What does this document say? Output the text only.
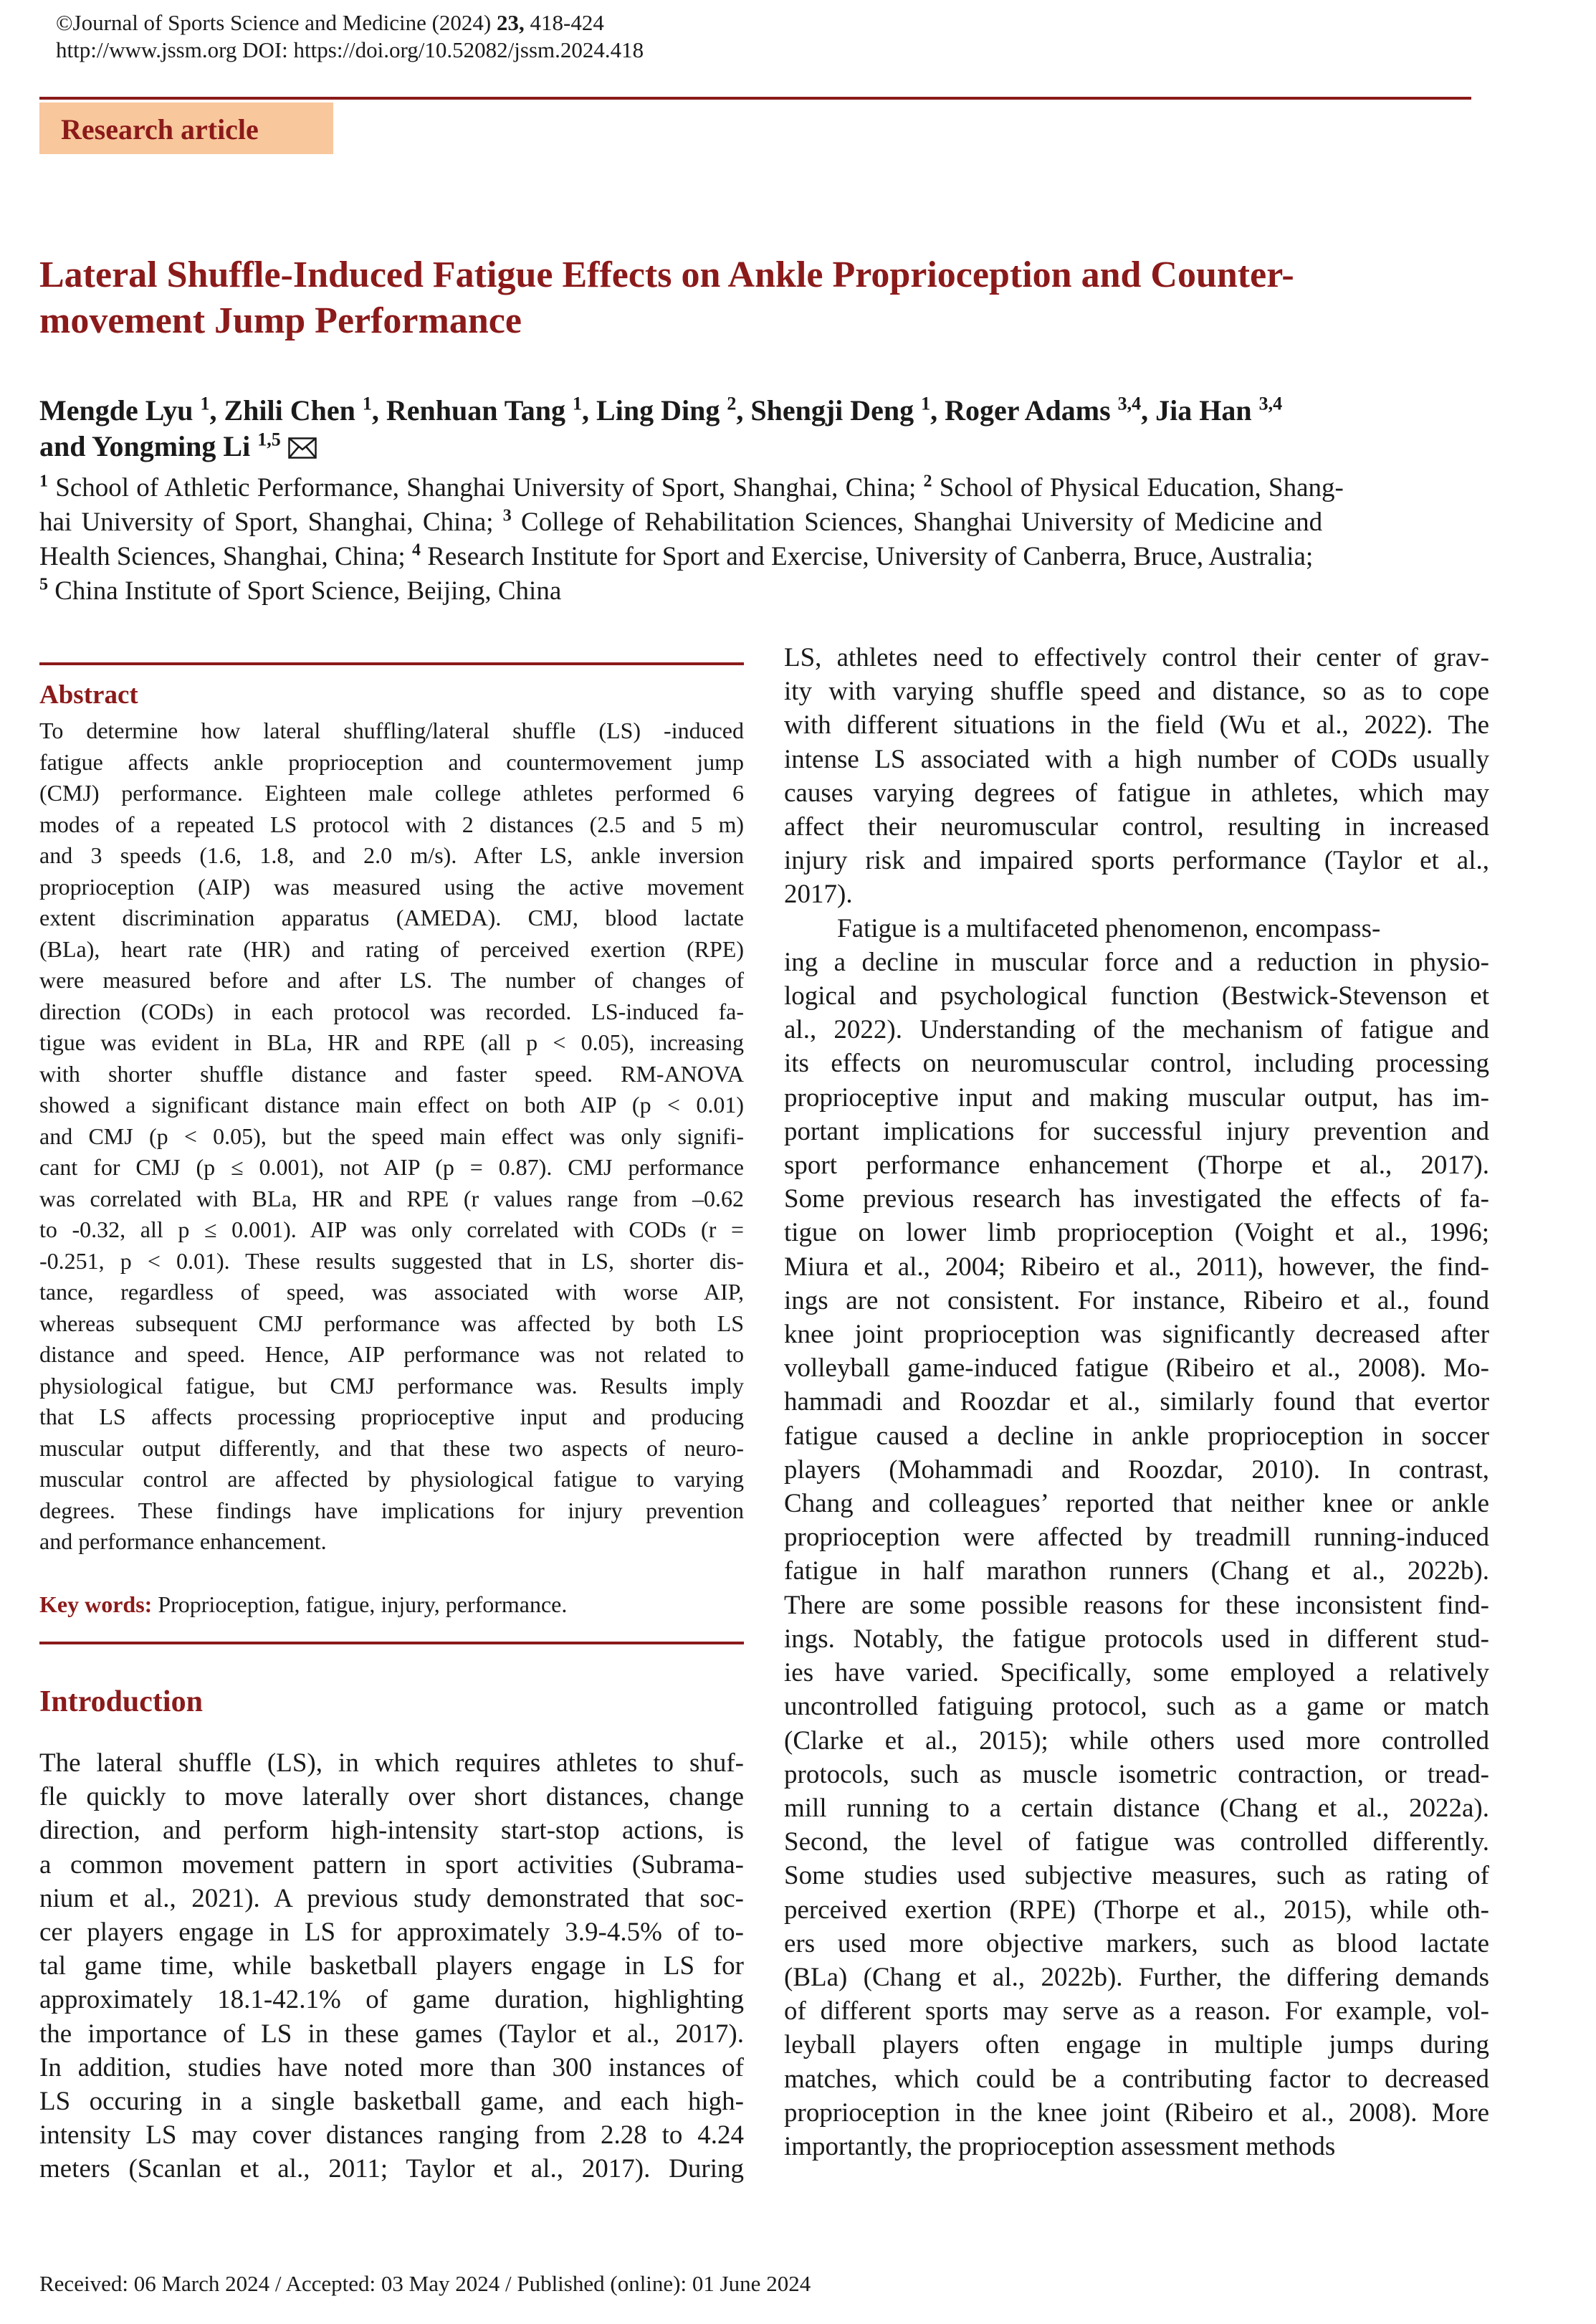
©Journal of Sports Science and Medicine (2024) 23, 418-424
http://www.jssm.org DOI: https://doi.org/10.52082/jssm.2024.418
Research article
Lateral Shuffle-Induced Fatigue Effects on Ankle Proprioception and Counter-
movement Jump Performance
Mengde Lyu $^1$, Zhili Chen $^1$, Renhuan Tang $^1$, Ling Ding $^2$, Shengji Deng $^1$, Roger Adams $^{3,4}$, Jia Han $^{3,4}$
and Yongming Li $^{1,5}$
$^1$ School of Athletic Performance, Shanghai University of Sport, Shanghai, China; $^2$ School of Physical Education, Shang-
hai University of Sport, Shanghai, China; $^3$ College of Rehabilitation Sciences, Shanghai University of Medicine and
Health Sciences, Shanghai, China; $^4$ Research Institute for Sport and Exercise, University of Canberra, Bruce, Australia;
$^5$ China Institute of Sport Science, Beijing, China
Abstract
To determine how lateral shuffling/lateral shuffle (LS) -induced
fatigue affects ankle proprioception and countermovement jump
(CMJ) performance. Eighteen male college athletes performed 6
modes of a repeated LS protocol with 2 distances (2.5 and 5 m)
and 3 speeds (1.6, 1.8, and 2.0 m/s). After LS, ankle inversion
proprioception (AIP) was measured using the active movement
extent discrimination apparatus (AMEDA). CMJ, blood lactate
(BLa), heart rate (HR) and rating of perceived exertion (RPE)
were measured before and after LS. The number of changes of
direction (CODs) in each protocol was recorded. LS-induced fa-
tigue was evident in BLa, HR and RPE (all p < 0.05), increasing
with shorter shuffle distance and faster speed. RM-ANOVA
showed a significant distance main effect on both AIP (p < 0.01)
and CMJ (p < 0.05), but the speed main effect was only signifi-
cant for CMJ (p ≤ 0.001), not AIP (p = 0.87). CMJ performance
was correlated with BLa, HR and RPE (r values range from –0.62
to -0.32, all p ≤ 0.001). AIP was only correlated with CODs (r =
-0.251, p < 0.01). These results suggested that in LS, shorter dis-
tance, regardless of speed, was associated with worse AIP,
whereas subsequent CMJ performance was affected by both LS
distance and speed. Hence, AIP performance was not related to
physiological fatigue, but CMJ performance was. Results imply
that LS affects processing proprioceptive input and producing
muscular output differently, and that these two aspects of neuro-
muscular control are affected by physiological fatigue to varying
degrees. These findings have implications for injury prevention
and performance enhancement.
Key words: Proprioception, fatigue, injury, performance.
Introduction
The lateral shuffle (LS), in which requires athletes to shuf-
fle quickly to move laterally over short distances, change
direction, and perform high-intensity start-stop actions, is
a common movement pattern in sport activities (Subrama-
nium et al., 2021). A previous study demonstrated that soc-
cer players engage in LS for approximately 3.9-4.5% of to-
tal game time, while basketball players engage in LS for
approximately 18.1-42.1% of game duration, highlighting
the importance of LS in these games (Taylor et al., 2017).
In addition, studies have noted more than 300 instances of
LS occuring in a single basketball game, and each high-
intensity LS may cover distances ranging from 2.28 to 4.24
meters (Scanlan et al., 2011; Taylor et al., 2017). During
LS, athletes need to effectively control their center of grav-
ity with varying shuffle speed and distance, so as to cope
with different situations in the field (Wu et al., 2022). The
intense LS associated with a high number of CODs usually
causes varying degrees of fatigue in athletes, which may
affect their neuromuscular control, resulting in increased
injury risk and impaired sports performance (Taylor et al.,
2017).
Fatigue is a multifaceted phenomenon, encompass-
ing a decline in muscular force and a reduction in physio-
logical and psychological function (Bestwick-Stevenson et
al., 2022). Understanding of the mechanism of fatigue and
its effects on neuromuscular control, including processing
proprioceptive input and making muscular output, has im-
portant implications for successful injury prevention and
sport performance enhancement (Thorpe et al., 2017).
Some previous research has investigated the effects of fa-
tigue on lower limb proprioception (Voight et al., 1996;
Miura et al., 2004; Ribeiro et al., 2011), however, the find-
ings are not consistent. For instance, Ribeiro et al., found
knee joint proprioception was significantly decreased after
volleyball game-induced fatigue (Ribeiro et al., 2008). Mo-
hammadi and Roozdar et al., similarly found that evertor
fatigue caused a decline in ankle proprioception in soccer
players (Mohammadi and Roozdar, 2010). In contrast,
Chang and colleagues’ reported that neither knee or ankle
proprioception were affected by treadmill running-induced
fatigue in half marathon runners (Chang et al., 2022b).
There are some possible reasons for these inconsistent find-
ings. Notably, the fatigue protocols used in different stud-
ies have varied. Specifically, some employed a relatively
uncontrolled fatiguing protocol, such as a game or match
(Clarke et al., 2015); while others used more controlled
protocols, such as muscle isometric contraction, or tread-
mill running to a certain distance (Chang et al., 2022a).
Second, the level of fatigue was controlled differently.
Some studies used subjective measures, such as rating of
perceived exertion (RPE) (Thorpe et al., 2015), while oth-
ers used more objective markers, such as blood lactate
(BLa) (Chang et al., 2022b). Further, the differing demands
of different sports may serve as a reason. For example, vol-
leyball players often engage in multiple jumps during
matches, which could be a contributing factor to decreased
proprioception in the knee joint (Ribeiro et al., 2008). More
importantly, the proprioception assessment methods
Received: 06 March 2024 / Accepted: 03 May 2024 / Published (online): 01 June 2024
